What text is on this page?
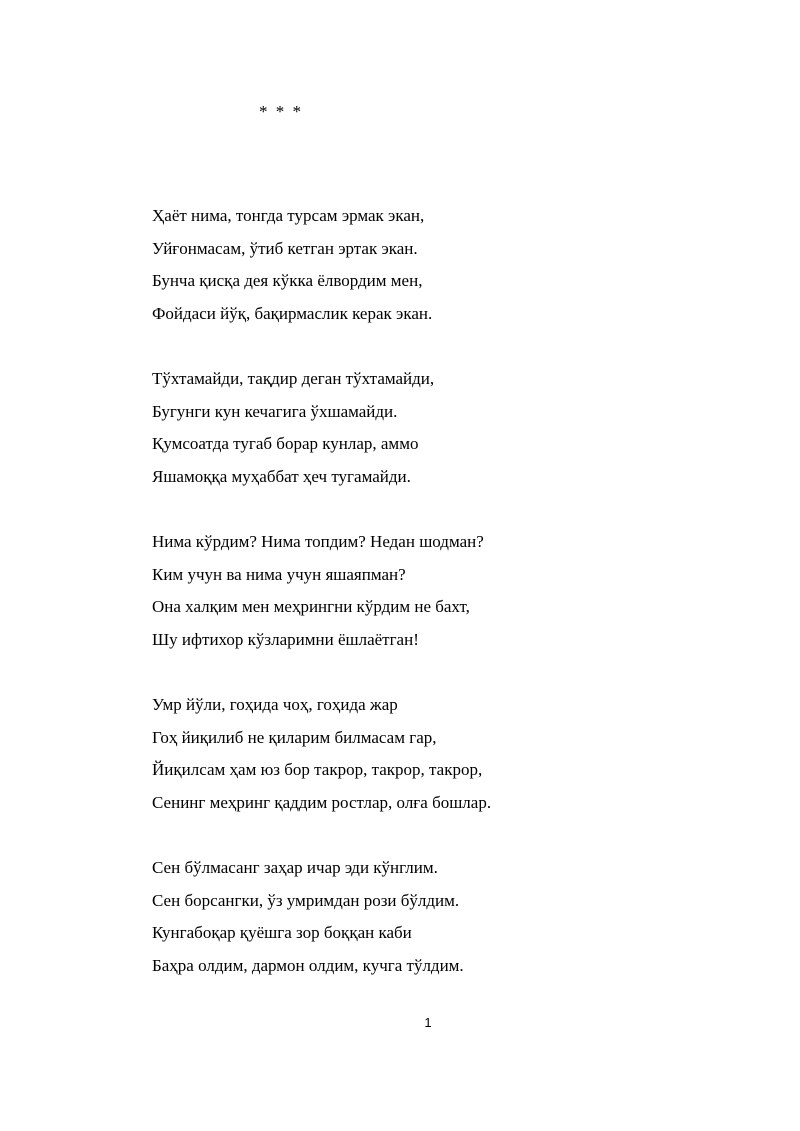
* * *
Ҳаёт нима, тонгда турсам эрмак экан,
Уйғонмасам, ўтиб кетган эртак экан.
Бунча қисқа дея кўкка ёлвордим мен,
Фойдаси йўқ, бақирмаслик керак экан.
Тўхтамайди, тақдир деган тўхтамайди,
Бугунги кун кечагига ўхшамайди.
Қумсоатда тугаб борар кунлар, аммо
Яшамоққа муҳаббат ҳеч тугамайди.
Нима кўрдим? Нима топдим? Недан шодман?
Ким учун ва нима учун яшаяпман?
Она халқим мен меҳрингни кўрдим не бахт,
Шу ифтихор кўзларимни ёшлаётган!
Умр йўли, гоҳида чоҳ, гоҳида жар
Гоҳ йиқилиб не қиларим билмасам гар,
Йиқилсам ҳам юз бор такрор, такрор, такрор,
Сенинг меҳринг қаддим ростлар, олға бошлар.
Сен бўлмасанг заҳар ичар эди кўнглим.
Сен борсангки, ўз умримдан рози бўлдим.
Кунгабоқар қуёшга зор боққан каби
Баҳра олдим, дармон олдим, кучга тўлдим.
1
